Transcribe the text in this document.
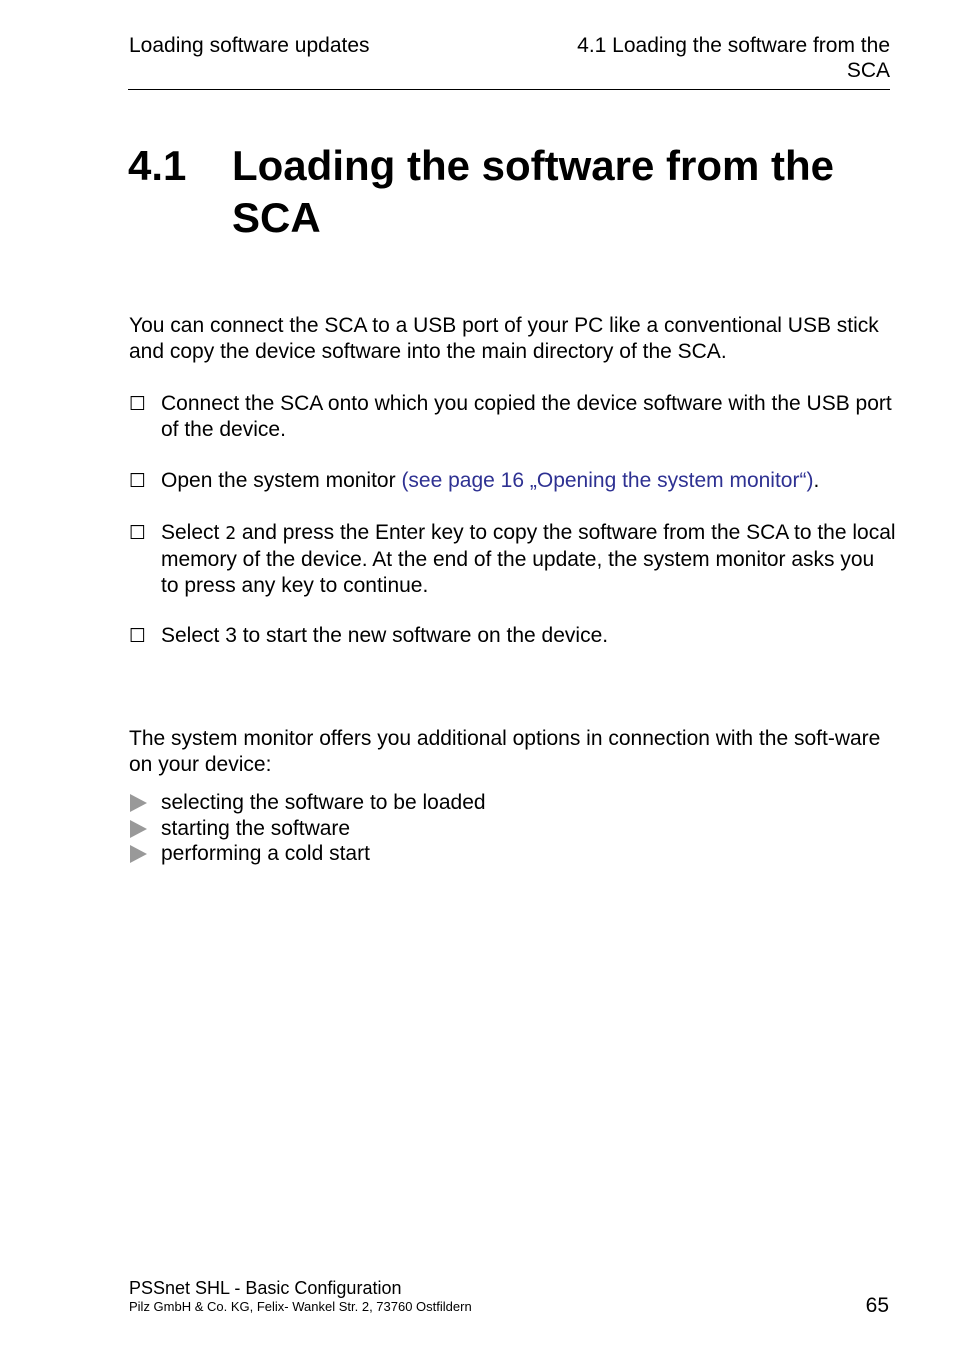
Loading software updates	4.1 Loading the software from the
SCA
4.1 Loading the software from the SCA
You can connect the SCA to a USB port of your PC like a conventional USB stick and copy the device software into the main directory of the SCA.
☐ Connect the SCA onto which you copied the device software with the USB port of the device.
☐ Open the system monitor (see page 16 „Opening the system monitor“).
☐ Select 2 and press the Enter key to copy the software from the SCA to the local memory of the device. At the end of the update, the system monitor asks you to press any key to continue.
☐ Select 3 to start the new software on the device.
The system monitor offers you additional options in connection with the soft-ware on your device:
selecting the software to be loaded
starting the software
performing a cold start
PSSnet SHL - Basic Configuration
Pilz GmbH & Co. KG, Felix- Wankel Str. 2, 73760 Ostfildern	65
